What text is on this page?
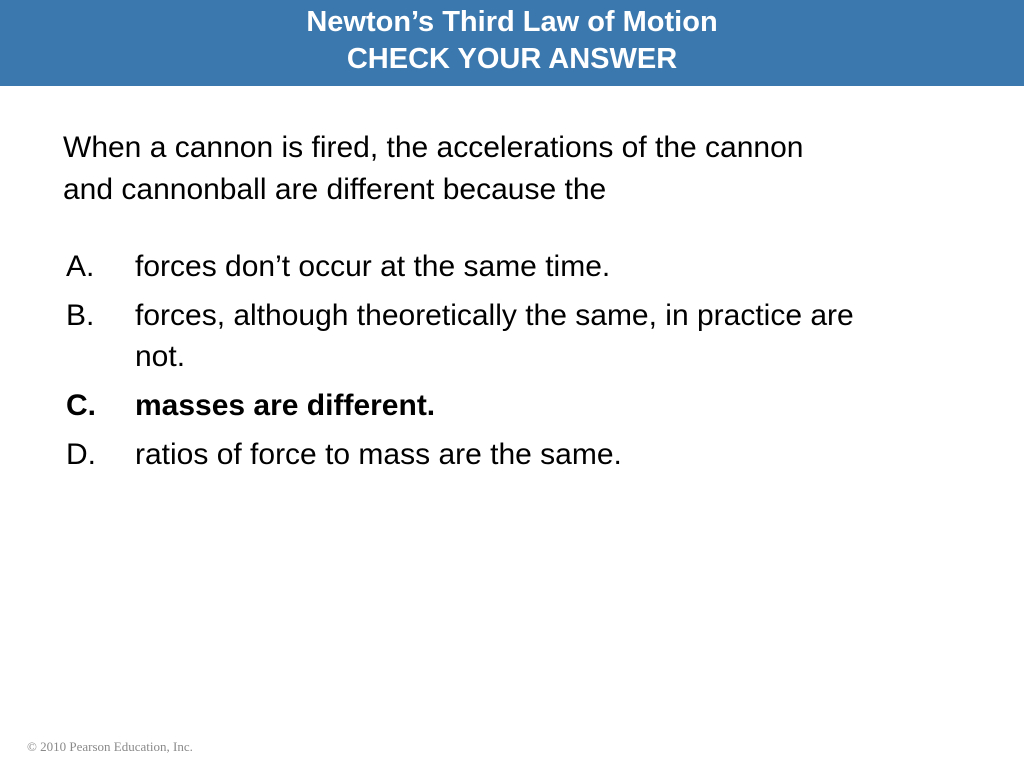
Newton’s Third Law of Motion
CHECK YOUR ANSWER
When a cannon is fired, the accelerations of the cannon
and cannonball are different because the
A. forces don’t occur at the same time.
B. forces, although theoretically the same, in practice are
not.
C. masses are different.
D. ratios of force to mass are the same.
© 2010 Pearson Education, Inc.
